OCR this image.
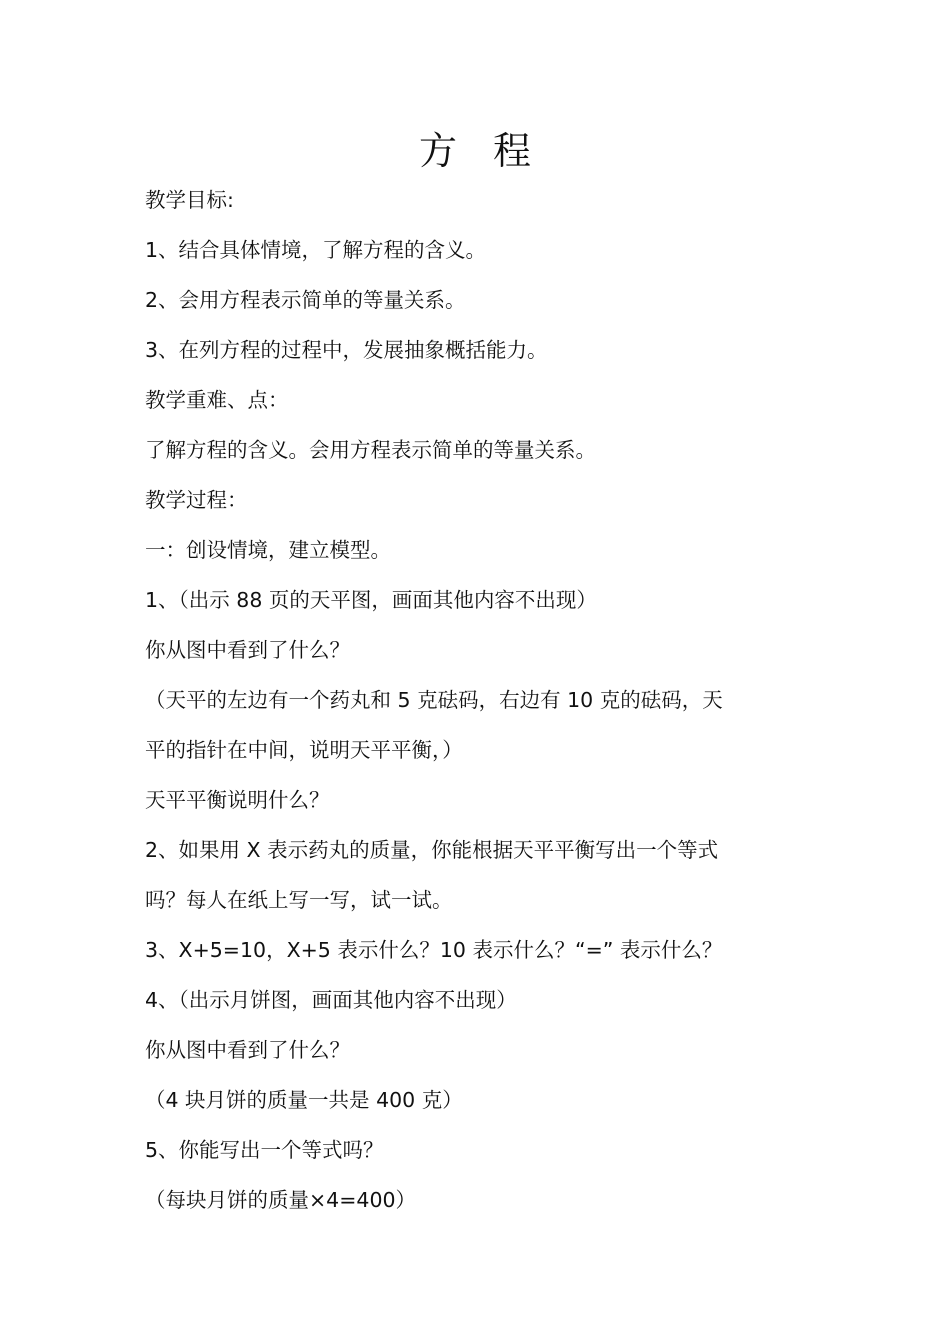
方程
教学目标:
1、结合具体情境，了解方程的含义。
2、会用方程表示简单的等量关系。
3、在列方程的过程中，发展抽象概括能力。
教学重难、点：
了解方程的含义。会用方程表示简单的等量关系。
教学过程：
一：创设情境，建立模型。
1、（出示 88 页的天平图，画面其他内容不出现）
你从图中看到了什么？
（天平的左边有一个药丸和 5 克砝码，右边有 10 克的砝码，天
平的指针在中间，说明天平平衡，）
天平平衡说明什么？
2、如果用 X 表示药丸的质量，你能根据天平平衡写出一个等式
吗？每人在纸上写一写，试一试。
3、X+5=10，X+5 表示什么？10 表示什么？“=” 表示什么？
4、（出示月饼图，画面其他内容不出现）
你从图中看到了什么？
（4 块月饼的质量一共是 400 克）
5、你能写出一个等式吗？
（每块月饼的质量×4=400）
